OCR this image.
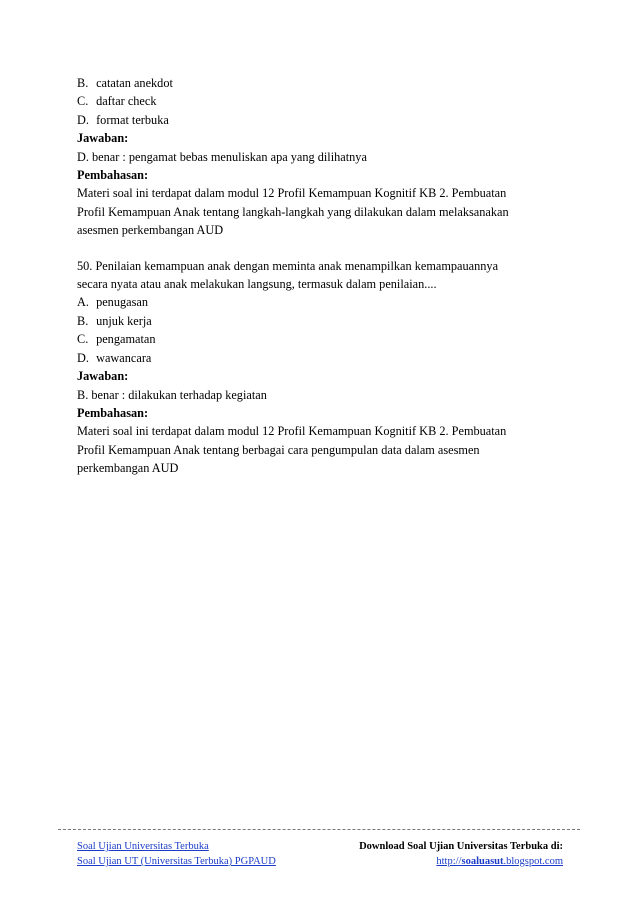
B. catatan anekdot
C. daftar check
D. format terbuka
Jawaban:
D. benar : pengamat bebas menuliskan apa yang dilihatnya
Pembahasan:
Materi soal ini terdapat dalam modul 12 Profil Kemampuan Kognitif KB 2. Pembuatan
Profil Kemampuan Anak tentang langkah-langkah yang dilakukan dalam melaksanakan
asesmen perkembangan AUD
50. Penilaian kemampuan anak dengan meminta anak menampilkan kemampauannya
secara nyata atau anak melakukan langsung, termasuk dalam penilaian....
A. penugasan
B. unjuk kerja
C. pengamatan
D. wawancara
Jawaban:
B. benar : dilakukan terhadap kegiatan
Pembahasan:
Materi soal ini terdapat dalam modul 12 Profil Kemampuan Kognitif KB 2. Pembuatan
Profil Kemampuan Anak tentang berbagai cara pengumpulan data dalam asesmen
perkembangan AUD
Soal Ujian Universitas Terbuka
Soal Ujian UT (Universitas Terbuka) PGPAUD
Download Soal Ujian Universitas Terbuka di:
http://soaluasut.blogspot.com
